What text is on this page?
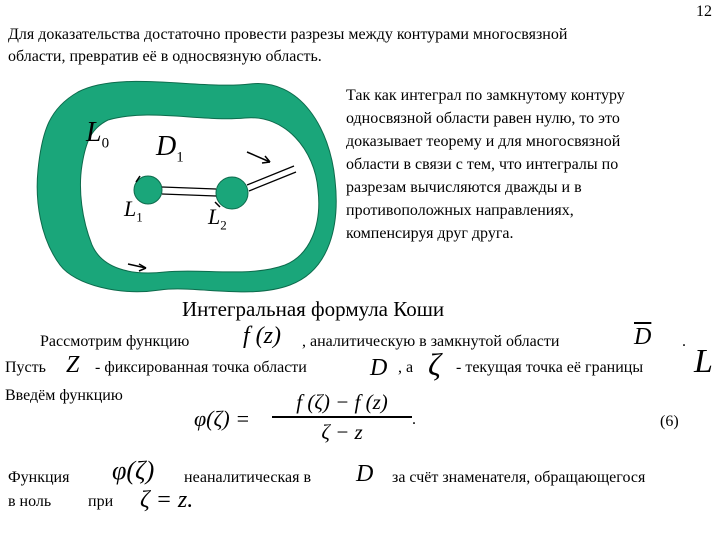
12
Для доказательства достаточно провести разрезы между контурами многосвязной
области, превратив её в односвязную область.
$L_0$ $D_1$
$L_1$	$L_2$
Так как интеграл по замкнутому контуру
односвязной области равен нулю, то это
доказывает теорему и для многосвязной
области в связи с тем, что интегралы по
разрезам вычисляются дважды и в
противоположных направлениях,
компенсируя друг друга.
Интегральная формула Коши
Рассмотрим функцию f (z) , аналитическую в замкнутой области	$\overline{D}$ .
Пусть Z - фиксированная точка области	D , а ζ - текущая точка её границы L
Введём функцию
φ(ζ) =
f (ζ) − f (z)
ζ − z	.	(6)
Функция φ(ζ) неаналитическая в D за счёт знаменателя, обращающегося
в ноль при ζ = z.
